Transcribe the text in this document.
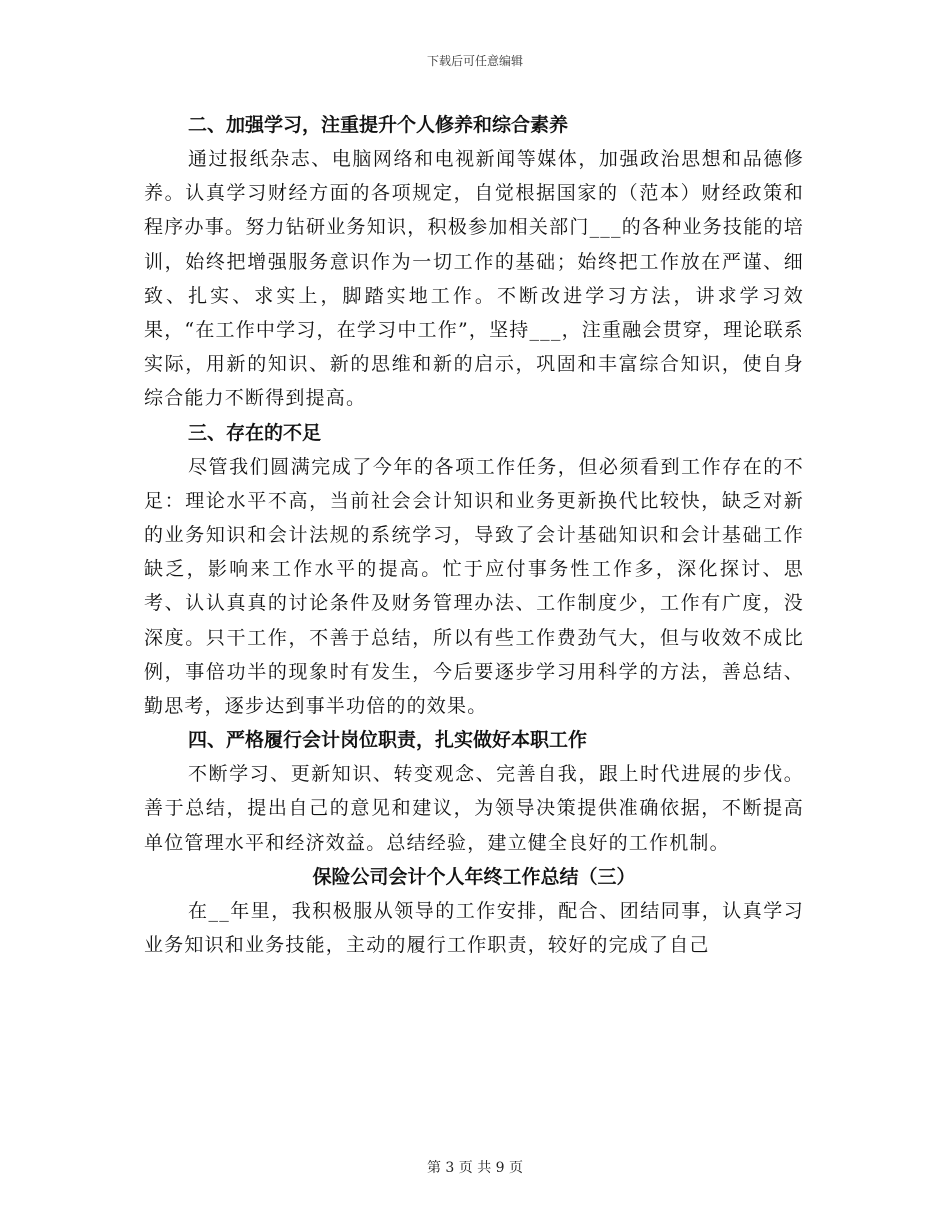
下载后可任意编辑

二、加强学习，注重提升个人修养和综合素养

通过报纸杂志、电脑网络和电视新闻等媒体，加强政治思想和品德修养。认真学习财经方面的各项规定，自觉根据国家的（范本）财经政策和程序办事。努力钻研业务知识，积极参加相关部门___的各种业务技能的培训，始终把增强服务意识作为一切工作的基础；始终把工作放在严谨、细致、扎实、求实上，脚踏实地工作。不断改进学习方法，讲求学习效果，“在工作中学习，在学习中工作”，坚持___，注重融会贯穿，理论联系实际，用新的知识、新的思维和新的启示，巩固和丰富综合知识，使自身综合能力不断得到提高。

三、存在的不足

尽管我们圆满完成了今年的各项工作任务，但必须看到工作存在的不足：理论水平不高，当前社会会计知识和业务更新换代比较快，缺乏对新的业务知识和会计法规的系统学习，导致了会计基础知识和会计基础工作缺乏，影响来工作水平的提高。忙于应付事务性工作多，深化探讨、思考、认认真真的讨论条件及财务管理办法、工作制度少，工作有广度，没深度。只干工作，不善于总结，所以有些工作费劲气大，但与收效不成比例，事倍功半的现象时有发生，今后要逐步学习用科学的方法，善总结、勤思考，逐步达到事半功倍的的效果。

四、严格履行会计岗位职责，扎实做好本职工作

不断学习、更新知识、转变观念、完善自我，跟上时代进展的步伐。善于总结，提出自己的意见和建议，为领导决策提供准确依据，不断提高单位管理水平和经济效益。总结经验，建立健全良好的工作机制。

保险公司会计个人年终工作总结（三）

在__年里，我积极服从领导的工作安排，配合、团结同事，认真学习业务知识和业务技能，主动的履行工作职责，较好的完成了自己

第 3 页 共 9 页
